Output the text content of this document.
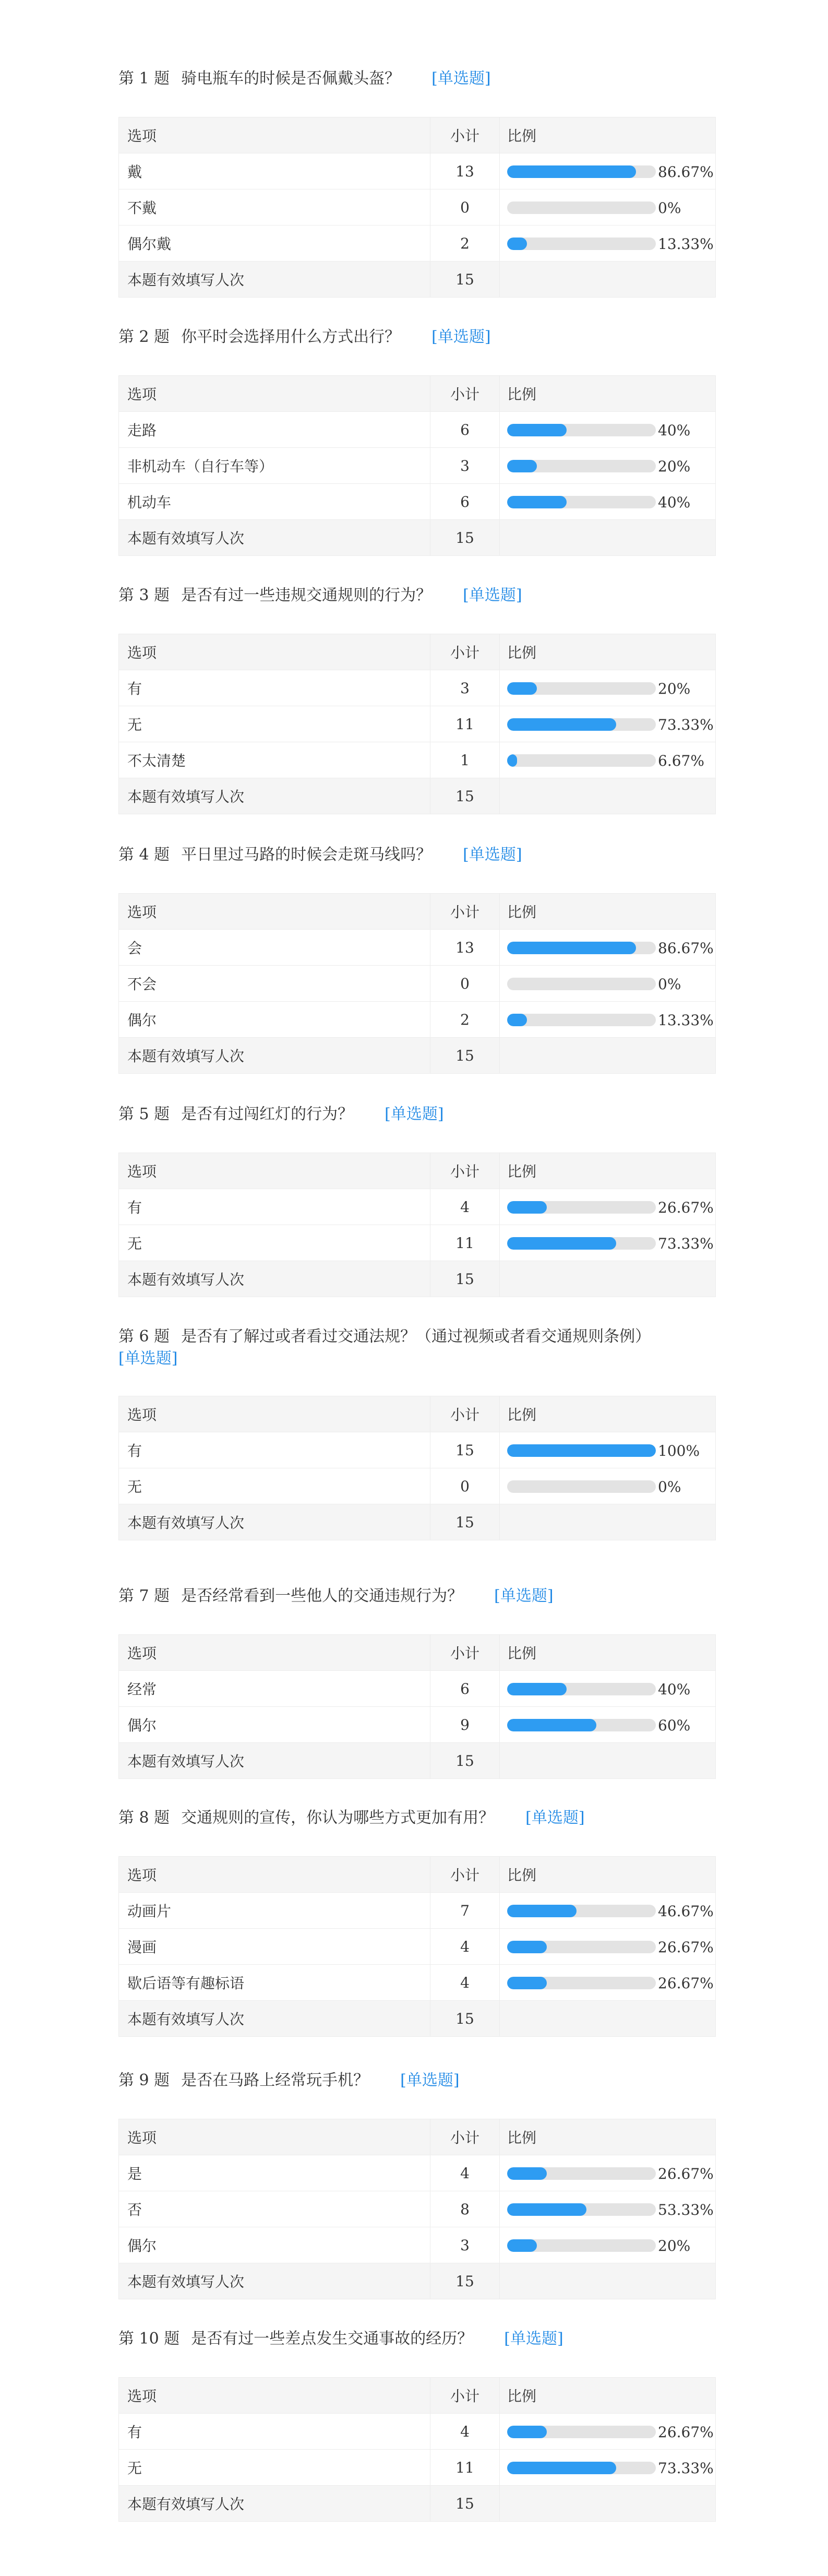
第 1 题 骑电瓶车的时候是否佩戴头盔？ [单选题]
选项	小计	比例
戴	13	86.67%
不戴	0	0%
偶尔戴	2	13.33%
本题有效填写人次	15	
第 2 题 你平时会选择用什么方式出行？ [单选题]
选项	小计	比例
走路	6	40%
非机动车（自行车等）	3	20%
机动车	6	40%
本题有效填写人次	15	
第 3 题 是否有过一些违规交通规则的行为？ [单选题]
选项	小计	比例
有	3	20%
无	11	73.33%
不太清楚	1	6.67%
本题有效填写人次	15	
第 4 题 平日里过马路的时候会走斑马线吗？ [单选题]
选项	小计	比例
会	13	86.67%
不会	0	0%
偶尔	2	13.33%
本题有效填写人次	15	
第 5 题 是否有过闯红灯的行为？ [单选题]
选项	小计	比例
有	4	26.67%
无	11	73.33%
本题有效填写人次	15	
第 6 题 是否有了解过或者看过交通法规？（通过视频或者看交通规则条例）
[单选题]
选项	小计	比例
有	15	100%
无	0	0%
本题有效填写人次	15	
第 7 题 是否经常看到一些他人的交通违规行为？ [单选题]
选项	小计	比例
经常	6	40%
偶尔	9	60%
本题有效填写人次	15	
第 8 题 交通规则的宣传，你认为哪些方式更加有用？ [单选题]
选项	小计	比例
动画片	7	46.67%
漫画	4	26.67%
歇后语等有趣标语	4	26.67%
本题有效填写人次	15	
第 9 题 是否在马路上经常玩手机？ [单选题]
选项	小计	比例
是	4	26.67%
否	8	53.33%
偶尔	3	20%
本题有效填写人次	15	
第 10 题 是否有过一些差点发生交通事故的经历？ [单选题]
选项	小计	比例
有	4	26.67%
无	11	73.33%
本题有效填写人次	15	
